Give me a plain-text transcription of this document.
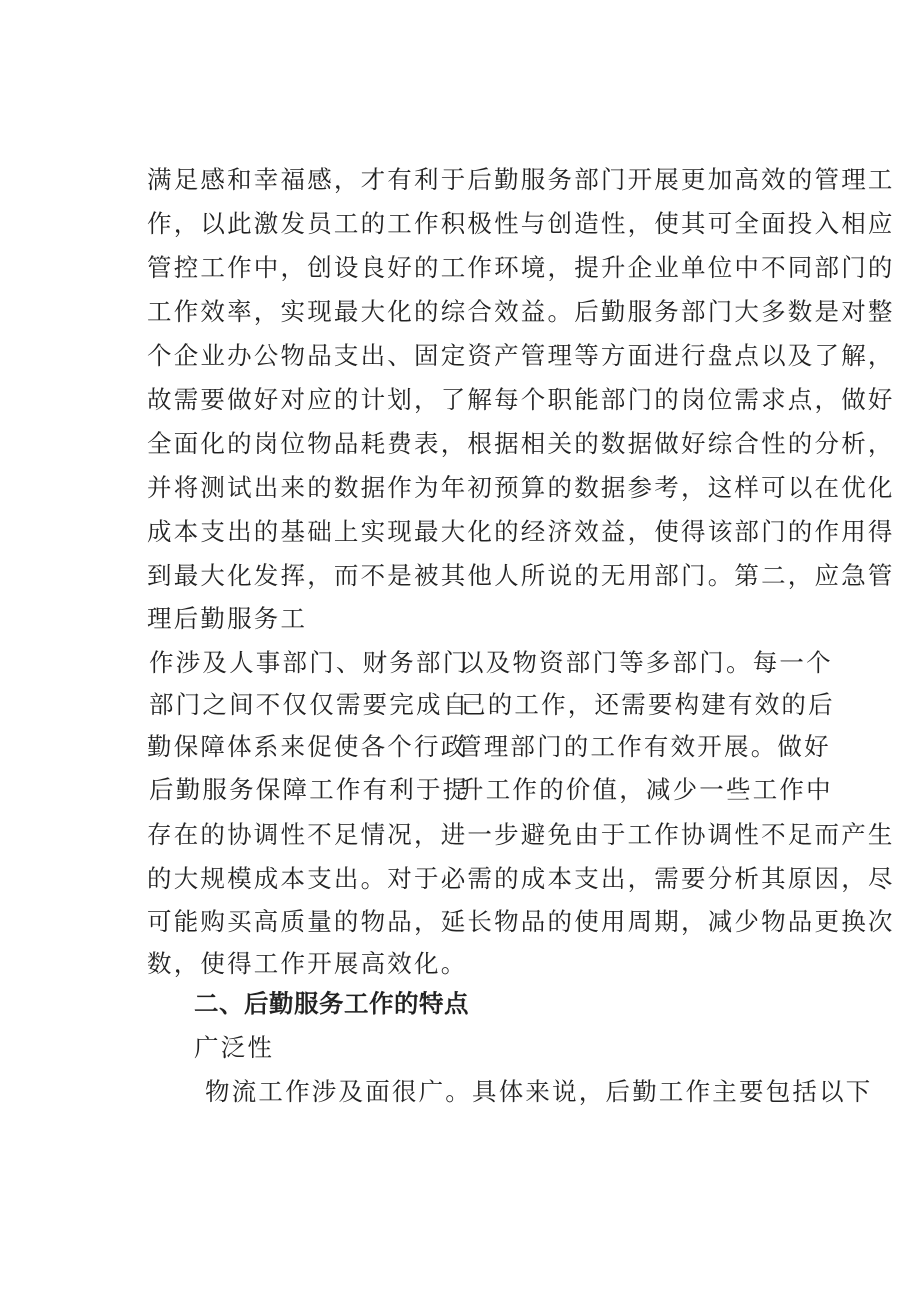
满足感和幸福感，才有利于后勤服务部门开展更加高效的管理工
作，以此激发员工的工作积极性与创造性，使其可全面投入相应
管控工作中，创设良好的工作环境，提升企业单位中不同部门的
工作效率，实现最大化的综合效益。后勤服务部门大多数是对整
个企业办公物品支出、固定资产管理等方面进行盘点以及了解，
故需要做好对应的计划，了解每个职能部门的岗位需求点，做好
全面化的岗位物品耗费表，根据相关的数据做好综合性的分析，
并将测试出来的数据作为年初预算的数据参考，这样可以在优化
成本支出的基础上实现最大化的经济效益，使得该部门的作用得
到最大化发挥，而不是被其他人所说的无用部门。第二，应急管
理后勤服务工
作涉及人事部门、财务部门
以及物资部门等多部门。每一个
部门之间不仅仅需要完成自
己的工作，还需要构建有效的后
勤保障体系来促使各个行政
管理部门的工作有效开展。做好
后勤服务保障工作有利于提
升工作的价值，减少一些工作中
存在的协调性不足情况，进一步避免由于工作协调性不足而产生
的大规模成本支出。对于必需的成本支出，需要分析其原因，尽
可能购买高质量的物品，延长物品的使用周期，减少物品更换次
数，使得工作开展高效化。
二、后勤服务工作的特点
广泛性
物流工作涉及面很广。具体来说，后勤工作主要包括以下
